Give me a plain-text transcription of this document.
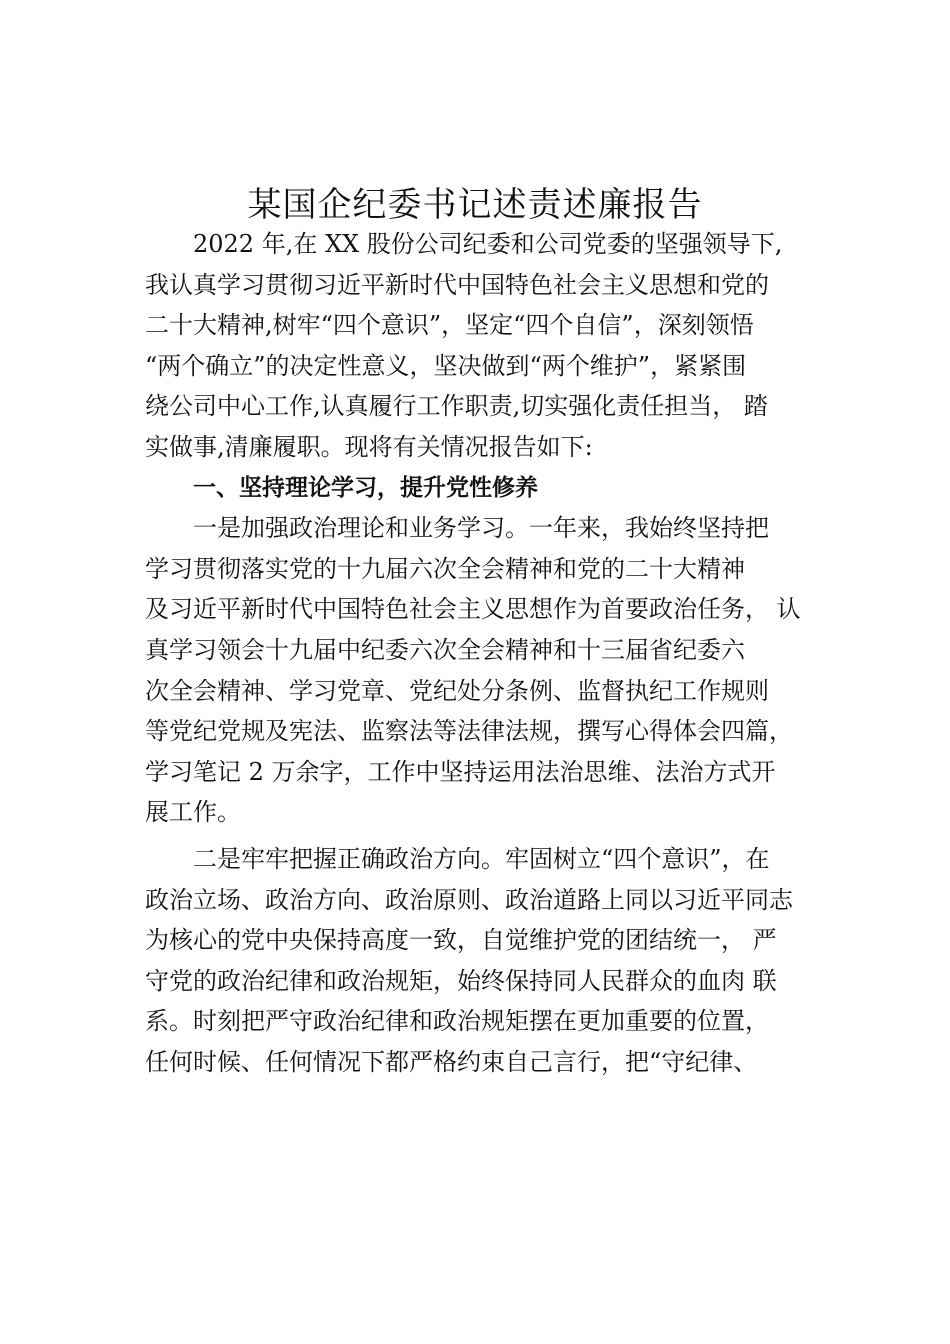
某国企纪委书记述责述廉报告
2022 年,在 XX 股份公司纪委和公司党委的坚强领导下,
我认真学习贯彻习近平新时代中国特色社会主义思想和党的
二十大精神,树牢“四个意识”，坚定“四个自信”，深刻领悟
“两个确立”的决定性意义，坚决做到“两个维护”，紧紧围
绕公司中心工作,认真履行工作职责,切实强化责任担当， 踏
实做事,清廉履职。现将有关情况报告如下:
一、坚持理论学习，提升党性修养
一是加强政治理论和业务学习。一年来，我始终坚持把
学习贯彻落实党的十九届六次全会精神和党的二十大精神
及习近平新时代中国特色社会主义思想作为首要政治任务， 认
真学习领会十九届中纪委六次全会精神和十三届省纪委六
次全会精神、学习党章、党纪处分条例、监督执纪工作规则
等党纪党规及宪法、监察法等法律法规，撰写心得体会四篇，
学习笔记 2 万余字，工作中坚持运用法治思维、法治方式开
展工作。
二是牢牢把握正确政治方向。牢固树立“四个意识”，在
政治立场、政治方向、政治原则、政治道路上同以习近平同志
为核心的党中央保持高度一致，自觉维护党的团结统一， 严
守党的政治纪律和政治规矩，始终保持同人民群众的血肉 联
系。时刻把严守政治纪律和政治规矩摆在更加重要的位置，
任何时候、任何情况下都严格约束自己言行，把“守纪律、
